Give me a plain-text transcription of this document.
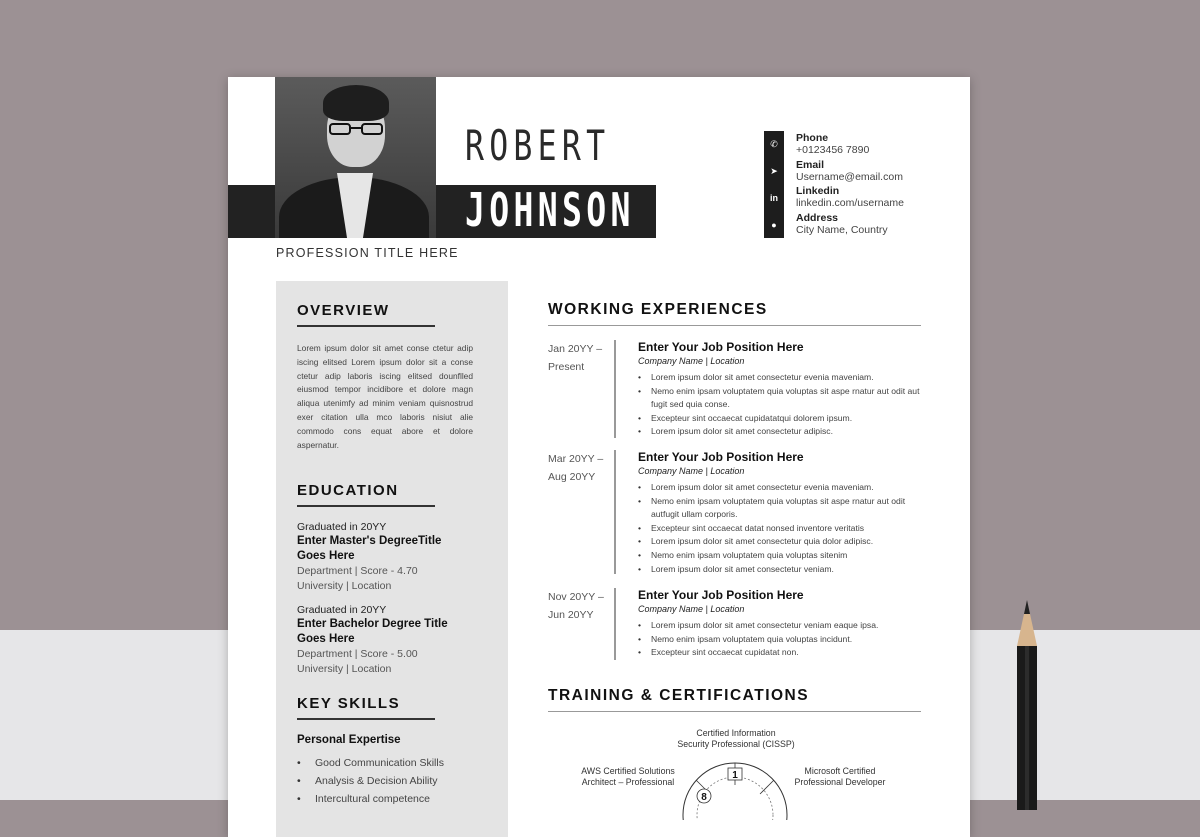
ROBERT
JOHNSON
PROFESSION TITLE HERE
✆
➤
in
●
Phone
+0123456 7890
Email
Username@email.com
Linkedin
linkedin.com/username
Address
City Name, Country
OVERVIEW
Lorem ipsum dolor sit amet conse ctetur adip iscing elitsed Lorem ipsum dolor sit a conse ctetur adip laboris iscing elitsed dounflled eiusmod tempor incidibore et dolore magn aliqua utenimfy ad minim veniam quisnostrud exer citation ulla mco laboris nisiut alie commodo cons equat abore et dolore aspernatur.
EDUCATION
Graduated in 20YY
Enter Master's DegreeTitle
Goes Here
Department | Score - 4.70
University | Location
Graduated in 20YY
Enter Bachelor Degree Title
Goes Here
Department | Score - 5.00
University | Location
KEY SKILLS
Personal Expertise
• Good Communication Skills
• Analysis & Decision Ability
• Intercultural competence
WORKING EXPERIENCES
Jan 20YY –
Present
Enter Your Job Position Here
Company Name | Location
• Lorem ipsum dolor sit amet consectetur evenia maveniam.
• Nemo enim ipsam voluptatem quia voluptas sit aspe rnatur aut odit aut fugit sed quia conse.
• Excepteur sint occaecat cupidatatqui dolorem ipsum.
• Lorem ipsum dolor sit amet consectetur adipisc.
Mar 20YY –
Aug 20YY
Enter Your Job Position Here
Company Name | Location
• Lorem ipsum dolor sit amet consectetur evenia maveniam.
• Nemo enim ipsam voluptatem quia voluptas sit aspe rnatur aut odit autfugit ullam corporis.
• Excepteur sint occaecat datat nonsed inventore veritatis
• Lorem ipsum dolor sit amet consectetur quia dolor adipisc.
• Nemo enim ipsam voluptatem quia voluptas sitenim
• Lorem ipsum dolor sit amet consectetur veniam.
Nov 20YY –
Jun 20YY
Enter Your Job Position Here
Company Name | Location
• Lorem ipsum dolor sit amet consectetur veniam eaque ipsa.
• Nemo enim ipsam voluptatem quia voluptas incidunt.
• Excepteur sint occaecat cupidatat non.
TRAINING & CERTIFICATIONS
Certified Information
Security Professional (CISSP)
AWS Certified Solutions
Architect – Professional
Microsoft Certified
Professional Developer
1
8
